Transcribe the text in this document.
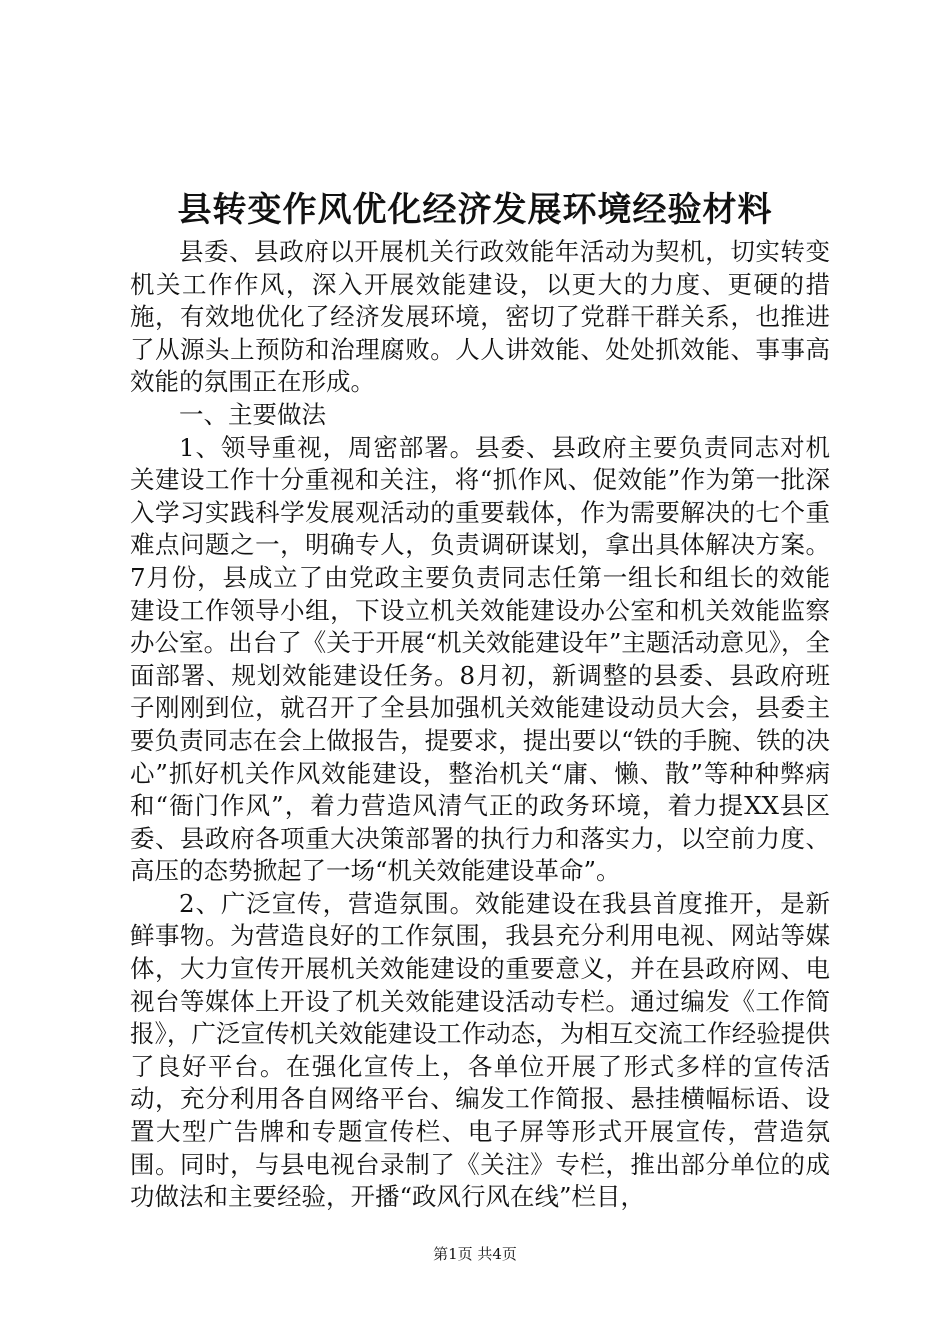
县转变作风优化经济发展环境经验材料

县委、县政府以开展机关行政效能年活动为契机，切实转变机关工作作风，深入开展效能建设，以更大的力度、更硬的措施，有效地优化了经济发展环境，密切了党群干群关系，也推进了从源头上预防和治理腐败。人人讲效能、处处抓效能、事事高效能的氛围正在形成。

一、主要做法

1、领导重视，周密部署。县委、县政府主要负责同志对机关建设工作十分重视和关注，将“抓作风、促效能”作为第一批深入学习实践科学发展观活动的重要载体，作为需要解决的七个重难点问题之一，明确专人，负责调研谋划，拿出具体解决方案。7月份，县成立了由党政主要负责同志任第一组长和组长的效能建设工作领导小组，下设立机关效能建设办公室和机关效能监察办公室。出台了《关于开展“机关效能建设年”主题活动意见》，全面部署、规划效能建设任务。8月初，新调整的县委、县政府班子刚刚到位，就召开了全县加强机关效能建设动员大会，县委主要负责同志在会上做报告，提要求，提出要以“铁的手腕、铁的决心”抓好机关作风效能建设，整治机关“庸、懒、散”等种种弊病和“衙门作风”，着力营造风清气正的政务环境，着力提XX县区委、县政府各项重大决策部署的执行力和落实力，以空前力度、高压的态势掀起了一场“机关效能建设革命”。

2、广泛宣传，营造氛围。效能建设在我县首度推开，是新鲜事物。为营造良好的工作氛围，我县充分利用电视、网站等媒体，大力宣传开展机关效能建设的重要意义，并在县政府网、电视台等媒体上开设了机关效能建设活动专栏。通过编发《工作简报》，广泛宣传机关效能建设工作动态，为相互交流工作经验提供了良好平台。在强化宣传上，各单位开展了形式多样的宣传活动，充分利用各自网络平台、编发工作简报、悬挂横幅标语、设置大型广告牌和专题宣传栏、电子屏等形式开展宣传，营造氛围。同时，与县电视台录制了《关注》专栏，推出部分单位的成功做法和主要经验，开播“政风行风在线”栏目，

第1页 共4页
